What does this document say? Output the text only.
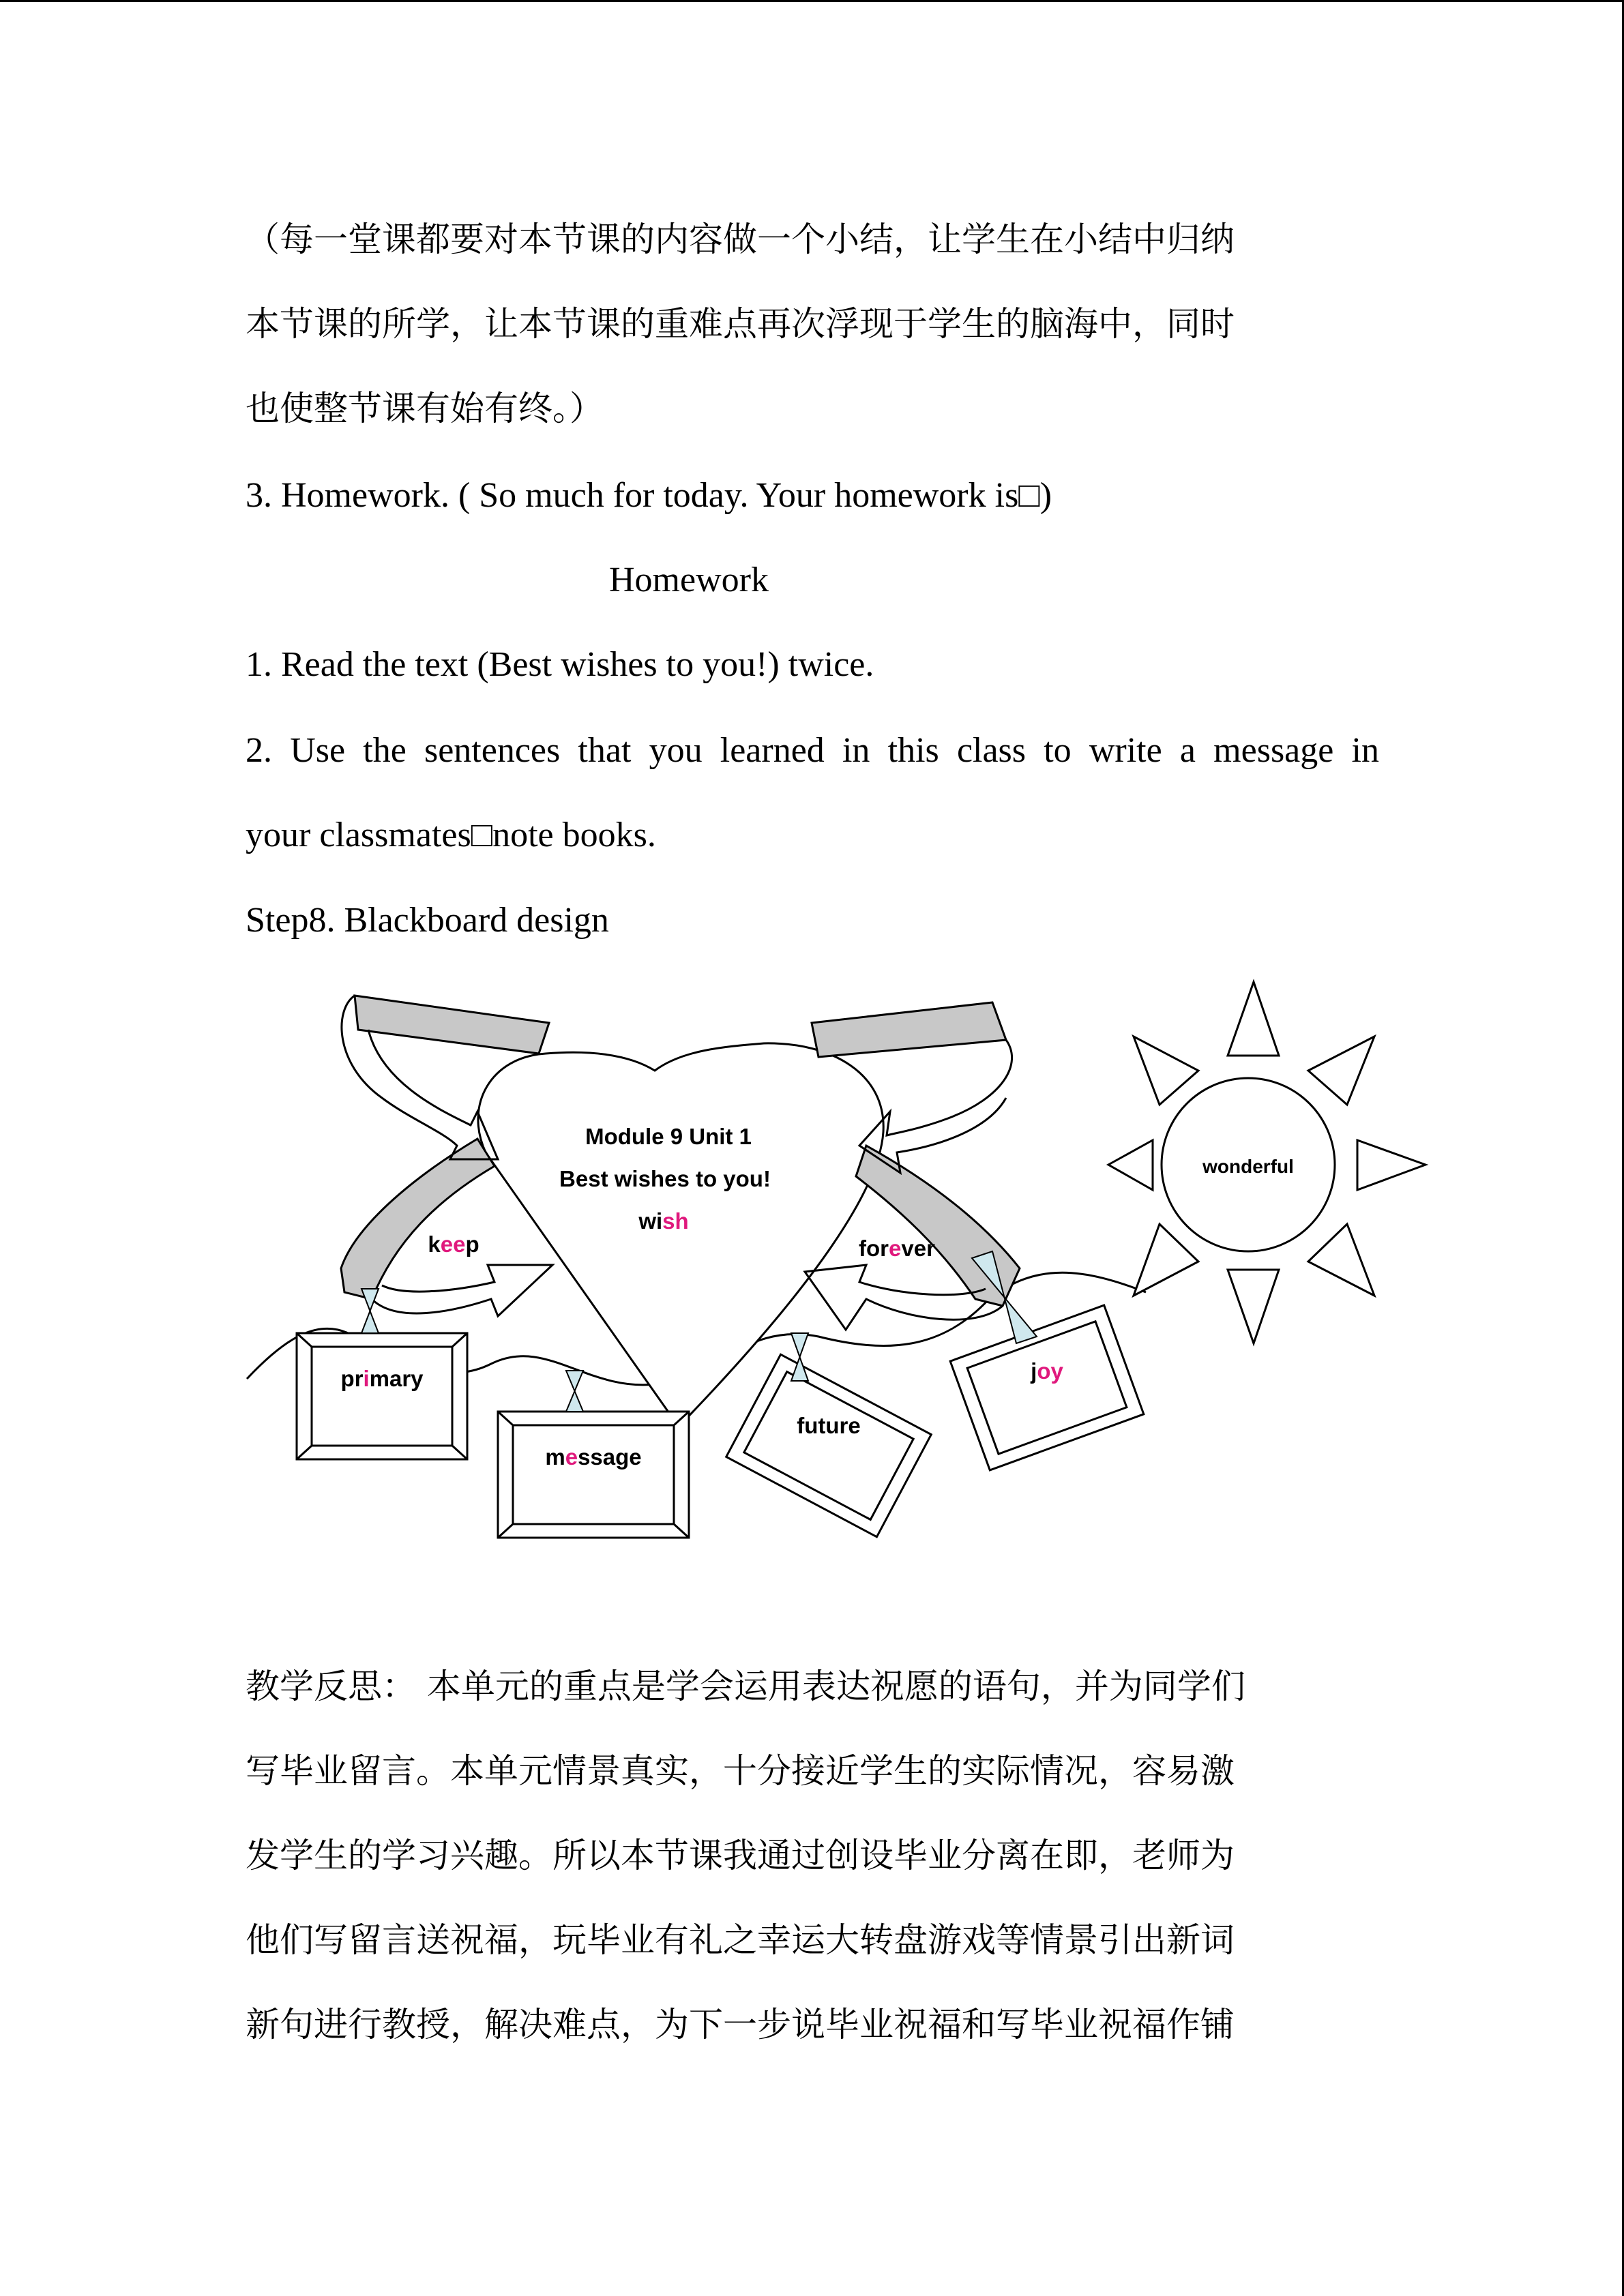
（每一堂课都要对本节课的内容做一个小结，让学生在小结中归纳
本节课的所学，让本节课的重难点再次浮现于学生的脑海中，同时
也使整节课有始有终。）
3. Homework. ( So much for today. Your homework is□)
Homework
1. Read the text (Best wishes to you!) twice.
2. Use the sentences that you learned in this class to write a message in
your classmates□note books.
Step8. Blackboard design
Module 9 Unit 1
Best wishes to you!
wish
keep	forever
wonderful
primary
message
future
joy
教学反思： 本单元的重点是学会运用表达祝愿的语句，并为同学们
写毕业留言。本单元情景真实，十分接近学生的实际情况，容易激
发学生的学习兴趣。所以本节课我通过创设毕业分离在即，老师为
他们写留言送祝福，玩毕业有礼之幸运大转盘游戏等情景引出新词
新句进行教授，解决难点，为下一步说毕业祝福和写毕业祝福作铺
